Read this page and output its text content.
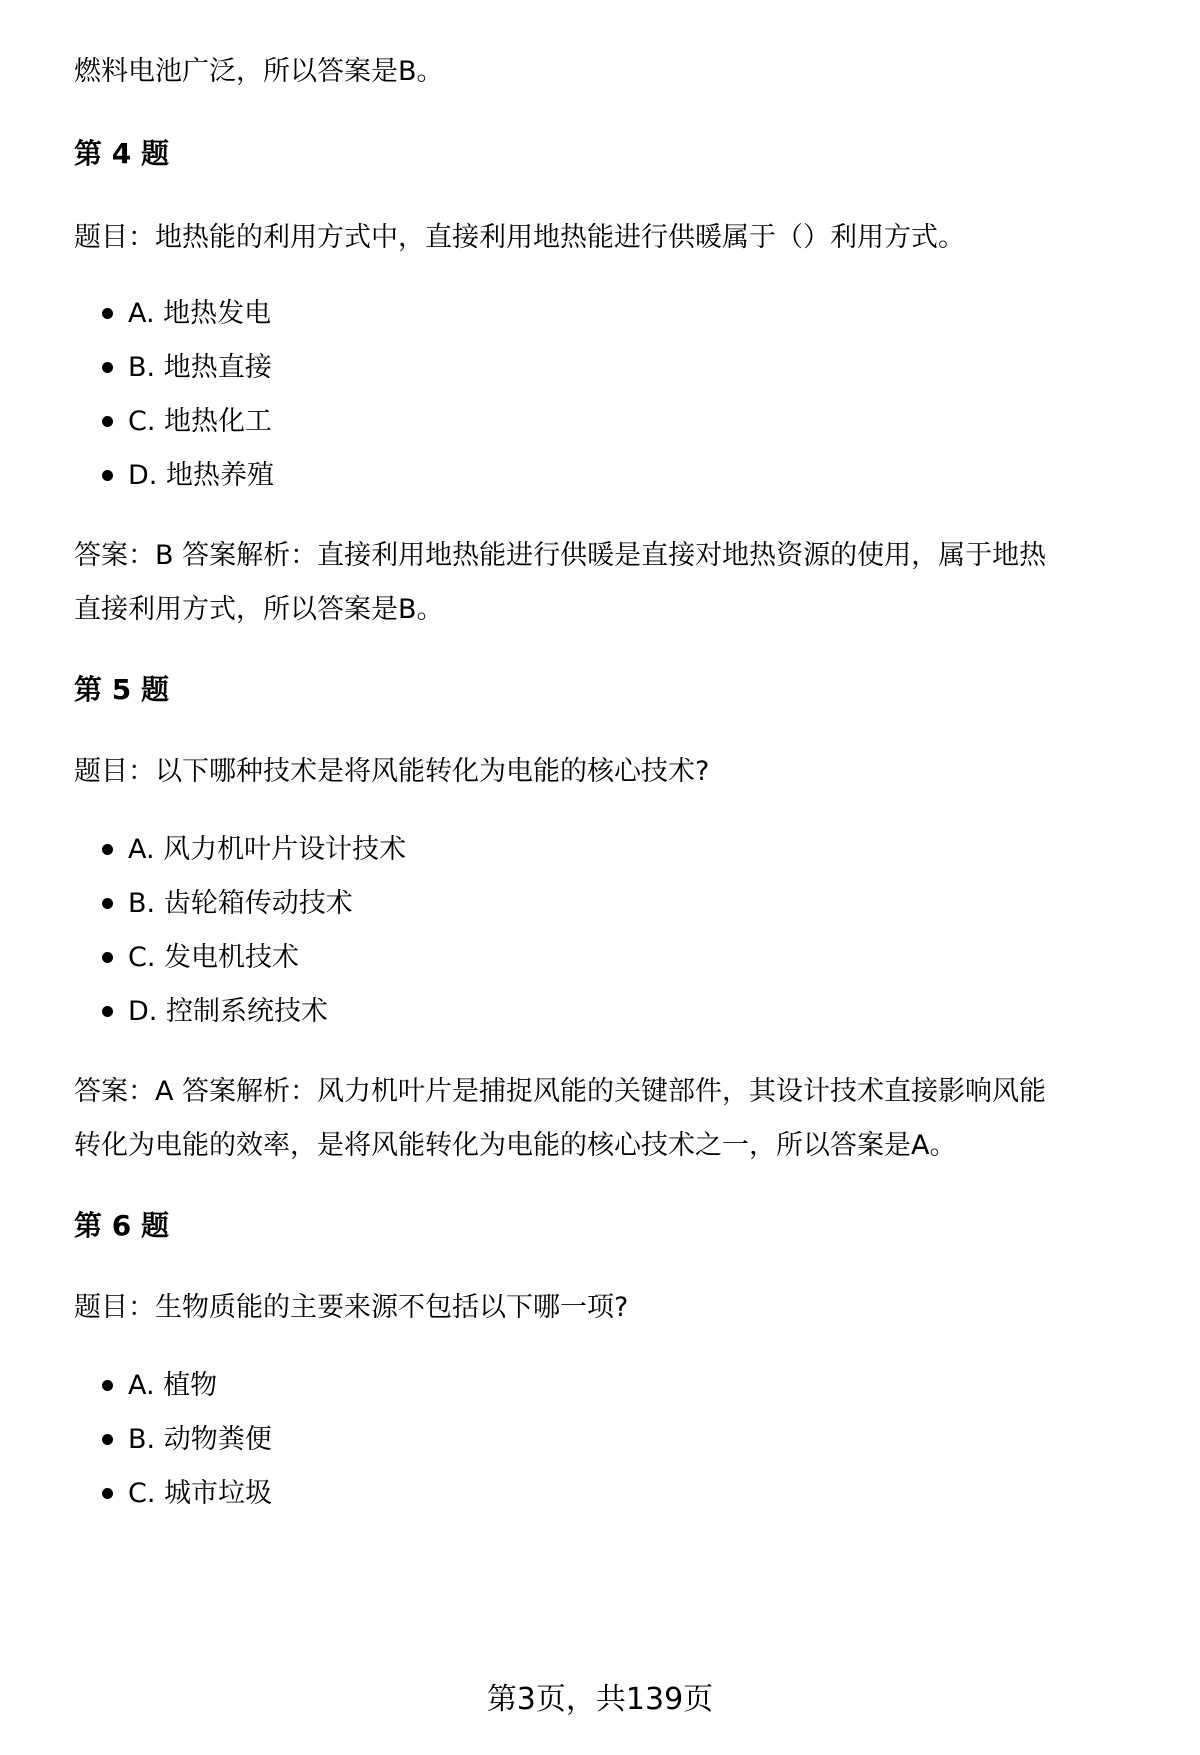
燃料电池广泛，所以答案是B。
第 4 题
题目：地热能的利用方式中，直接利用地热能进行供暖属于（）利用方式。
A. 地热发电
B. 地热直接
C. 地热化工
D. 地热养殖
答案：B 答案解析：直接利用地热能进行供暖是直接对地热资源的使用，属于地热
直接利用方式，所以答案是B。
第 5 题
题目：以下哪种技术是将风能转化为电能的核心技术?
A. 风力机叶片设计技术
B. 齿轮箱传动技术
C. 发电机技术
D. 控制系统技术
答案：A 答案解析：风力机叶片是捕捉风能的关键部件，其设计技术直接影响风能
转化为电能的效率，是将风能转化为电能的核心技术之一，所以答案是A。
第 6 题
题目：生物质能的主要来源不包括以下哪一项?
A. 植物
B. 动物粪便
C. 城市垃圾
第3页，共139页
